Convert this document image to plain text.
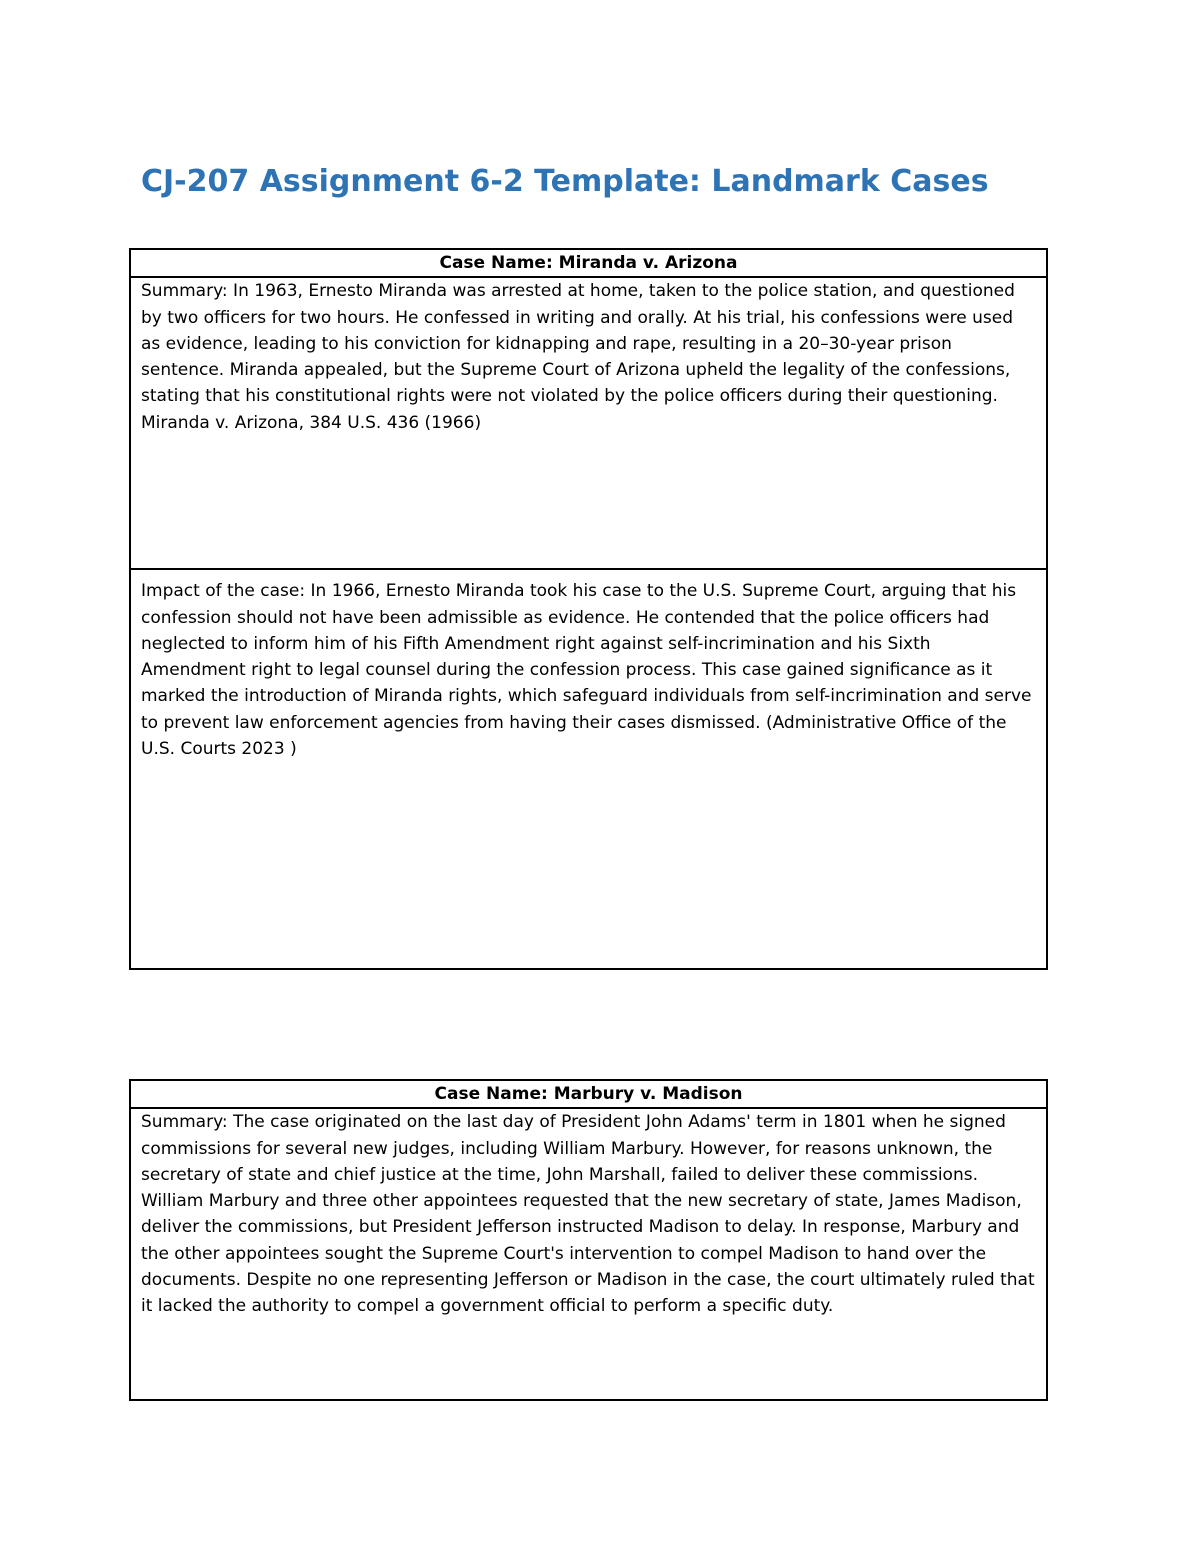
CJ-207 Assignment 6-2 Template: Landmark Cases
Case Name: Miranda v. Arizona

Summary: In 1963, Ernesto Miranda was arrested at home, taken to the police station, and questioned by two officers for two hours. He confessed in writing and orally. At his trial, his confessions were used as evidence, leading to his conviction for kidnapping and rape, resulting in a 20–30-year prison sentence. Miranda appealed, but the Supreme Court of Arizona upheld the legality of the confessions, stating that his constitutional rights were not violated by the police officers during their questioning.
Miranda v. Arizona, 384 U.S. 436 (1966)

Impact of the case: In 1966, Ernesto Miranda took his case to the U.S. Supreme Court, arguing that his confession should not have been admissible as evidence. He contended that the police officers had neglected to inform him of his Fifth Amendment right against self-incrimination and his Sixth Amendment right to legal counsel during the confession process. This case gained significance as it marked the introduction of Miranda rights, which safeguard individuals from self-incrimination and serve to prevent law enforcement agencies from having their cases dismissed. (Administrative Office of the U.S. Courts 2023 )
Case Name: Marbury v. Madison

Summary: The case originated on the last day of President John Adams' term in 1801 when he signed commissions for several new judges, including William Marbury. However, for reasons unknown, the secretary of state and chief justice at the time, John Marshall, failed to deliver these commissions. William Marbury and three other appointees requested that the new secretary of state, James Madison, deliver the commissions, but President Jefferson instructed Madison to delay. In response, Marbury and the other appointees sought the Supreme Court's intervention to compel Madison to hand over the documents. Despite no one representing Jefferson or Madison in the case, the court ultimately ruled that it lacked the authority to compel a government official to perform a specific duty.
